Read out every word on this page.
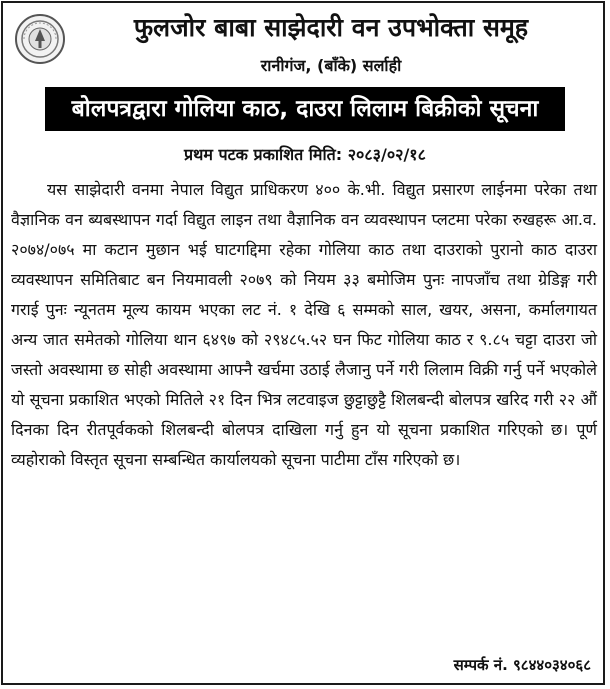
फुलजोर बाबा साझेदारी वन उपभोक्ता समूह
रानीगंज, (बाँके) सर्लाही
बोलपत्रद्वारा गोलिया काठ, दाउरा लिलाम बिक्रीको सूचना
प्रथम पटक प्रकाशित मिति: २०८३/०२/१८

यस साझेदारी वनमा नेपाल विद्युत प्राधिकरण ४०० के.भी. विद्युत प्रसारण लाईनमा परेका तथा वैज्ञानिक वन ब्यबस्थापन गर्दा विद्युत लाइन तथा वैज्ञानिक वन व्यवस्थापन प्लटमा परेका रुखहरू आ.व. २०७४/०७५ मा कटान मुछान भई घाटगद्दिमा रहेका गोलिया काठ तथा दाउराको पुरानो काठ दाउरा व्यवस्थापन समितिबाट बन नियमावली २०७९ को नियम ३३ बमोजिम पुनः नापजाँच तथा ग्रेडिङ्ग गरी गराई पुनः न्यूनतम मूल्य कायम भएका लट नं. १ देखि ६ सम्मको साल, खयर, असना, कर्मालगायत अन्य जात समेतको गोलिया थान ६४९७ को २९४८५.५२ घन फिट गोलिया काठ र ९.८५ चट्टा दाउरा जो जस्तो अवस्थामा छ सोही अवस्थामा आफ्नै खर्चमा उठाई लैजानु पर्ने गरी लिलाम विक्री गर्नु पर्ने भएकोले यो सूचना प्रकाशित भएको मितिले २१ दिन भित्र लटवाइज छुट्टाछुट्टै शिलबन्दी बोलपत्र खरिद गरी २२ औं दिनका दिन रीतपूर्वकको शिलबन्दी बोलपत्र दाखिला गर्नु हुन यो सूचना प्रकाशित गरिएको छ। पूर्ण व्यहोराको विस्तृत सूचना सम्बन्धित कार्यालयको सूचना पाटीमा टाँस गरिएको छ।

सम्पर्क नं. ९८४४०३४०६८
